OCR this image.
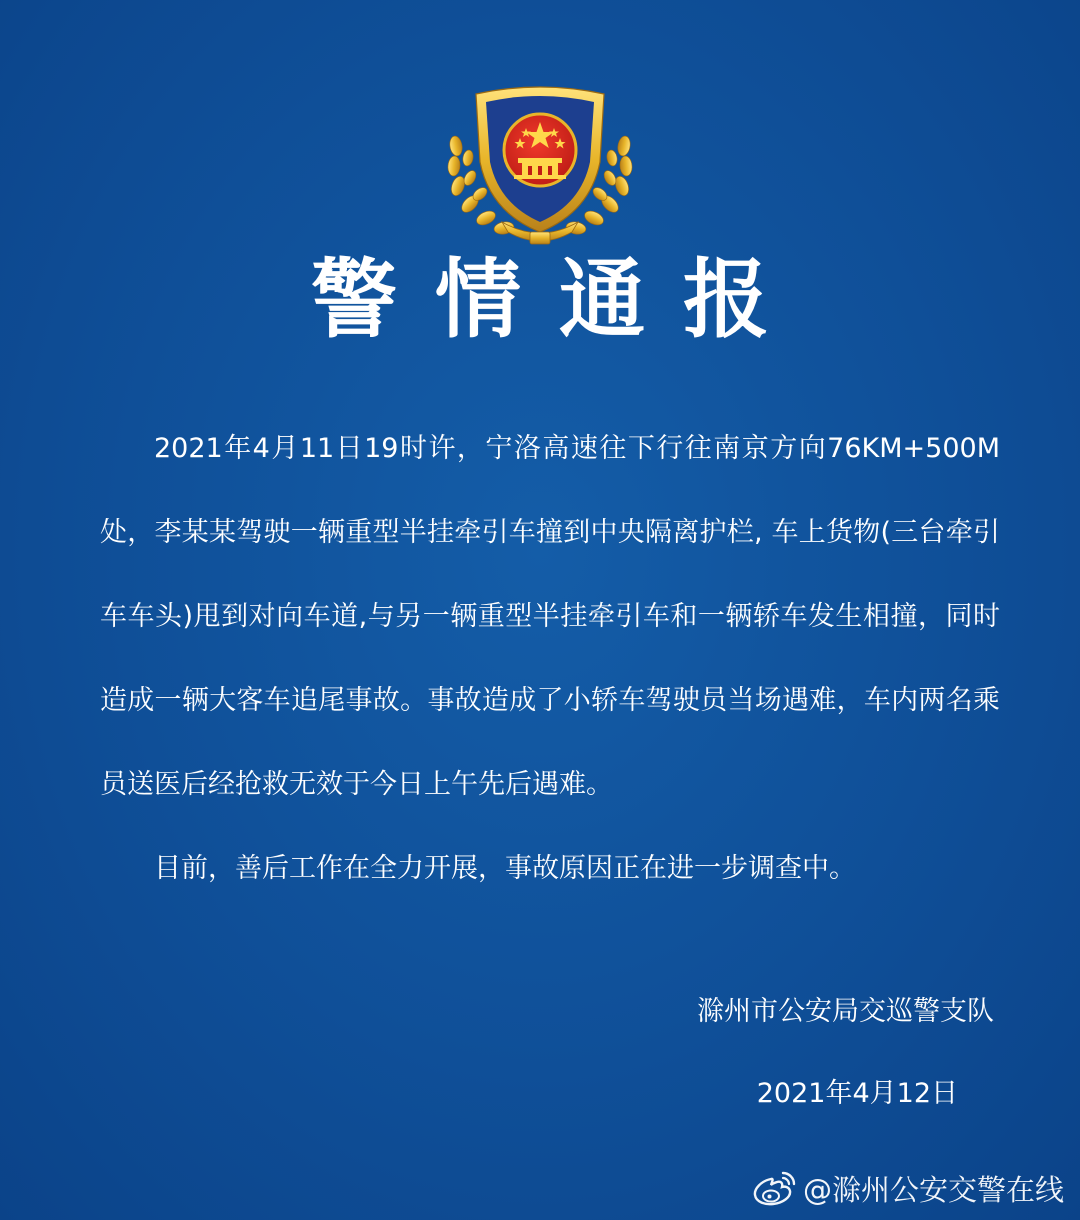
警情通报

2021年4月11日19时许，宁洛高速往下行往南京方向76KM+500M处，李某某驾驶一辆重型半挂牵引车撞到中央隔离护栏, 车上货物(三台牵引车车头)甩到对向车道,与另一辆重型半挂牵引车和一辆轿车发生相撞，同时造成一辆大客车追尾事故。事故造成了小轿车驾驶员当场遇难，车内两名乘员送医后经抢救无效于今日上午先后遇难。

目前，善后工作在全力开展，事故原因正在进一步调查中。

滁州市公安局交巡警支队
2021年4月12日
@滁州公安交警在线
